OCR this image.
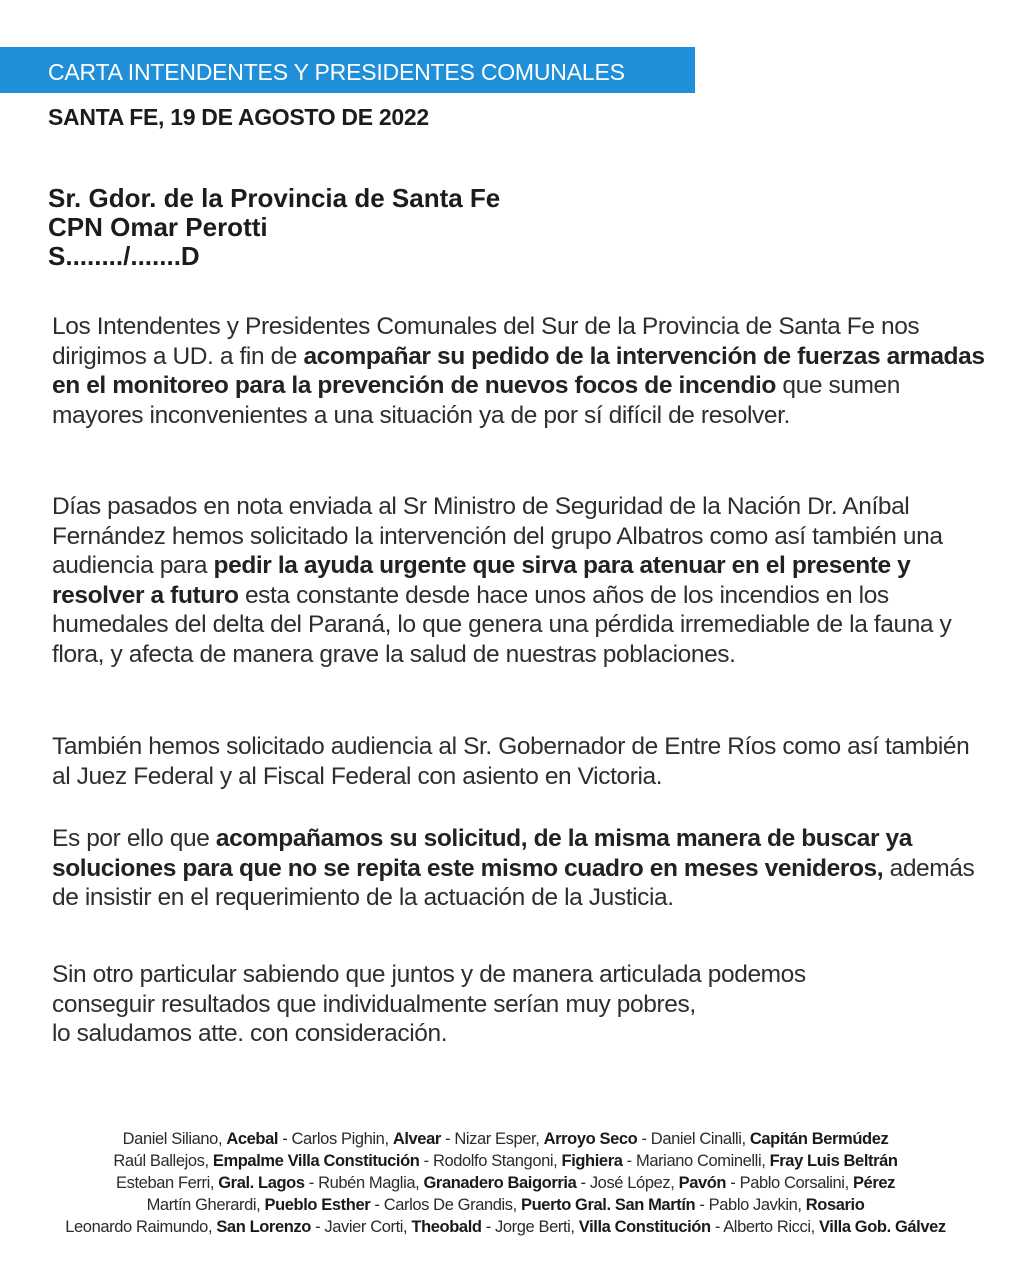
CARTA INTENDENTES Y PRESIDENTES COMUNALES
SANTA FE, 19 DE AGOSTO DE 2022
Sr. Gdor. de la Provincia de Santa Fe
CPN Omar Perotti
S......../.......D

Los Intendentes y Presidentes Comunales del Sur de la Provincia de Santa Fe nos dirigimos a UD. a fin de acompañar su pedido de la intervención de fuerzas armadas en el monitoreo para la prevención de nuevos focos de incendio que sumen mayores inconvenientes a una situación ya de por sí difícil de resolver.

Días pasados en nota enviada al Sr Ministro de Seguridad de la Nación Dr. Aníbal Fernández hemos solicitado la intervención del grupo Albatros como así también una audiencia para pedir la ayuda urgente que sirva para atenuar en el presente y resolver a futuro esta constante desde hace unos años de los incendios en los humedales del delta del Paraná, lo que genera una pérdida irremediable de la fauna y flora, y afecta de manera grave la salud de nuestras poblaciones.

También hemos solicitado audiencia al Sr. Gobernador de Entre Ríos como así también al Juez Federal y al Fiscal Federal con asiento en Victoria.

Es por ello que acompañamos su solicitud, de la misma manera de buscar ya soluciones para que no se repita este mismo cuadro en meses venideros, además de insistir en el requerimiento de la actuación de la Justicia.

Sin otro particular sabiendo que juntos y de manera articulada podemos
conseguir resultados que individualmente serían muy pobres,
lo saludamos atte. con consideración.

Daniel Siliano, Acebal - Carlos Pighin, Alvear - Nizar Esper, Arroyo Seco - Daniel Cinalli, Capitán Bermúdez
Raúl Ballejos, Empalme Villa Constitución - Rodolfo Stangoni, Fighiera - Mariano Cominelli, Fray Luis Beltrán
Esteban Ferri, Gral. Lagos - Rubén Maglia, Granadero Baigorria - José López, Pavón - Pablo Corsalini, Pérez
Martín Gherardi, Pueblo Esther - Carlos De Grandis, Puerto Gral. San Martín - Pablo Javkin, Rosario
Leonardo Raimundo, San Lorenzo - Javier Corti, Theobald - Jorge Berti, Villa Constitución - Alberto Ricci, Villa Gob. Gálvez
